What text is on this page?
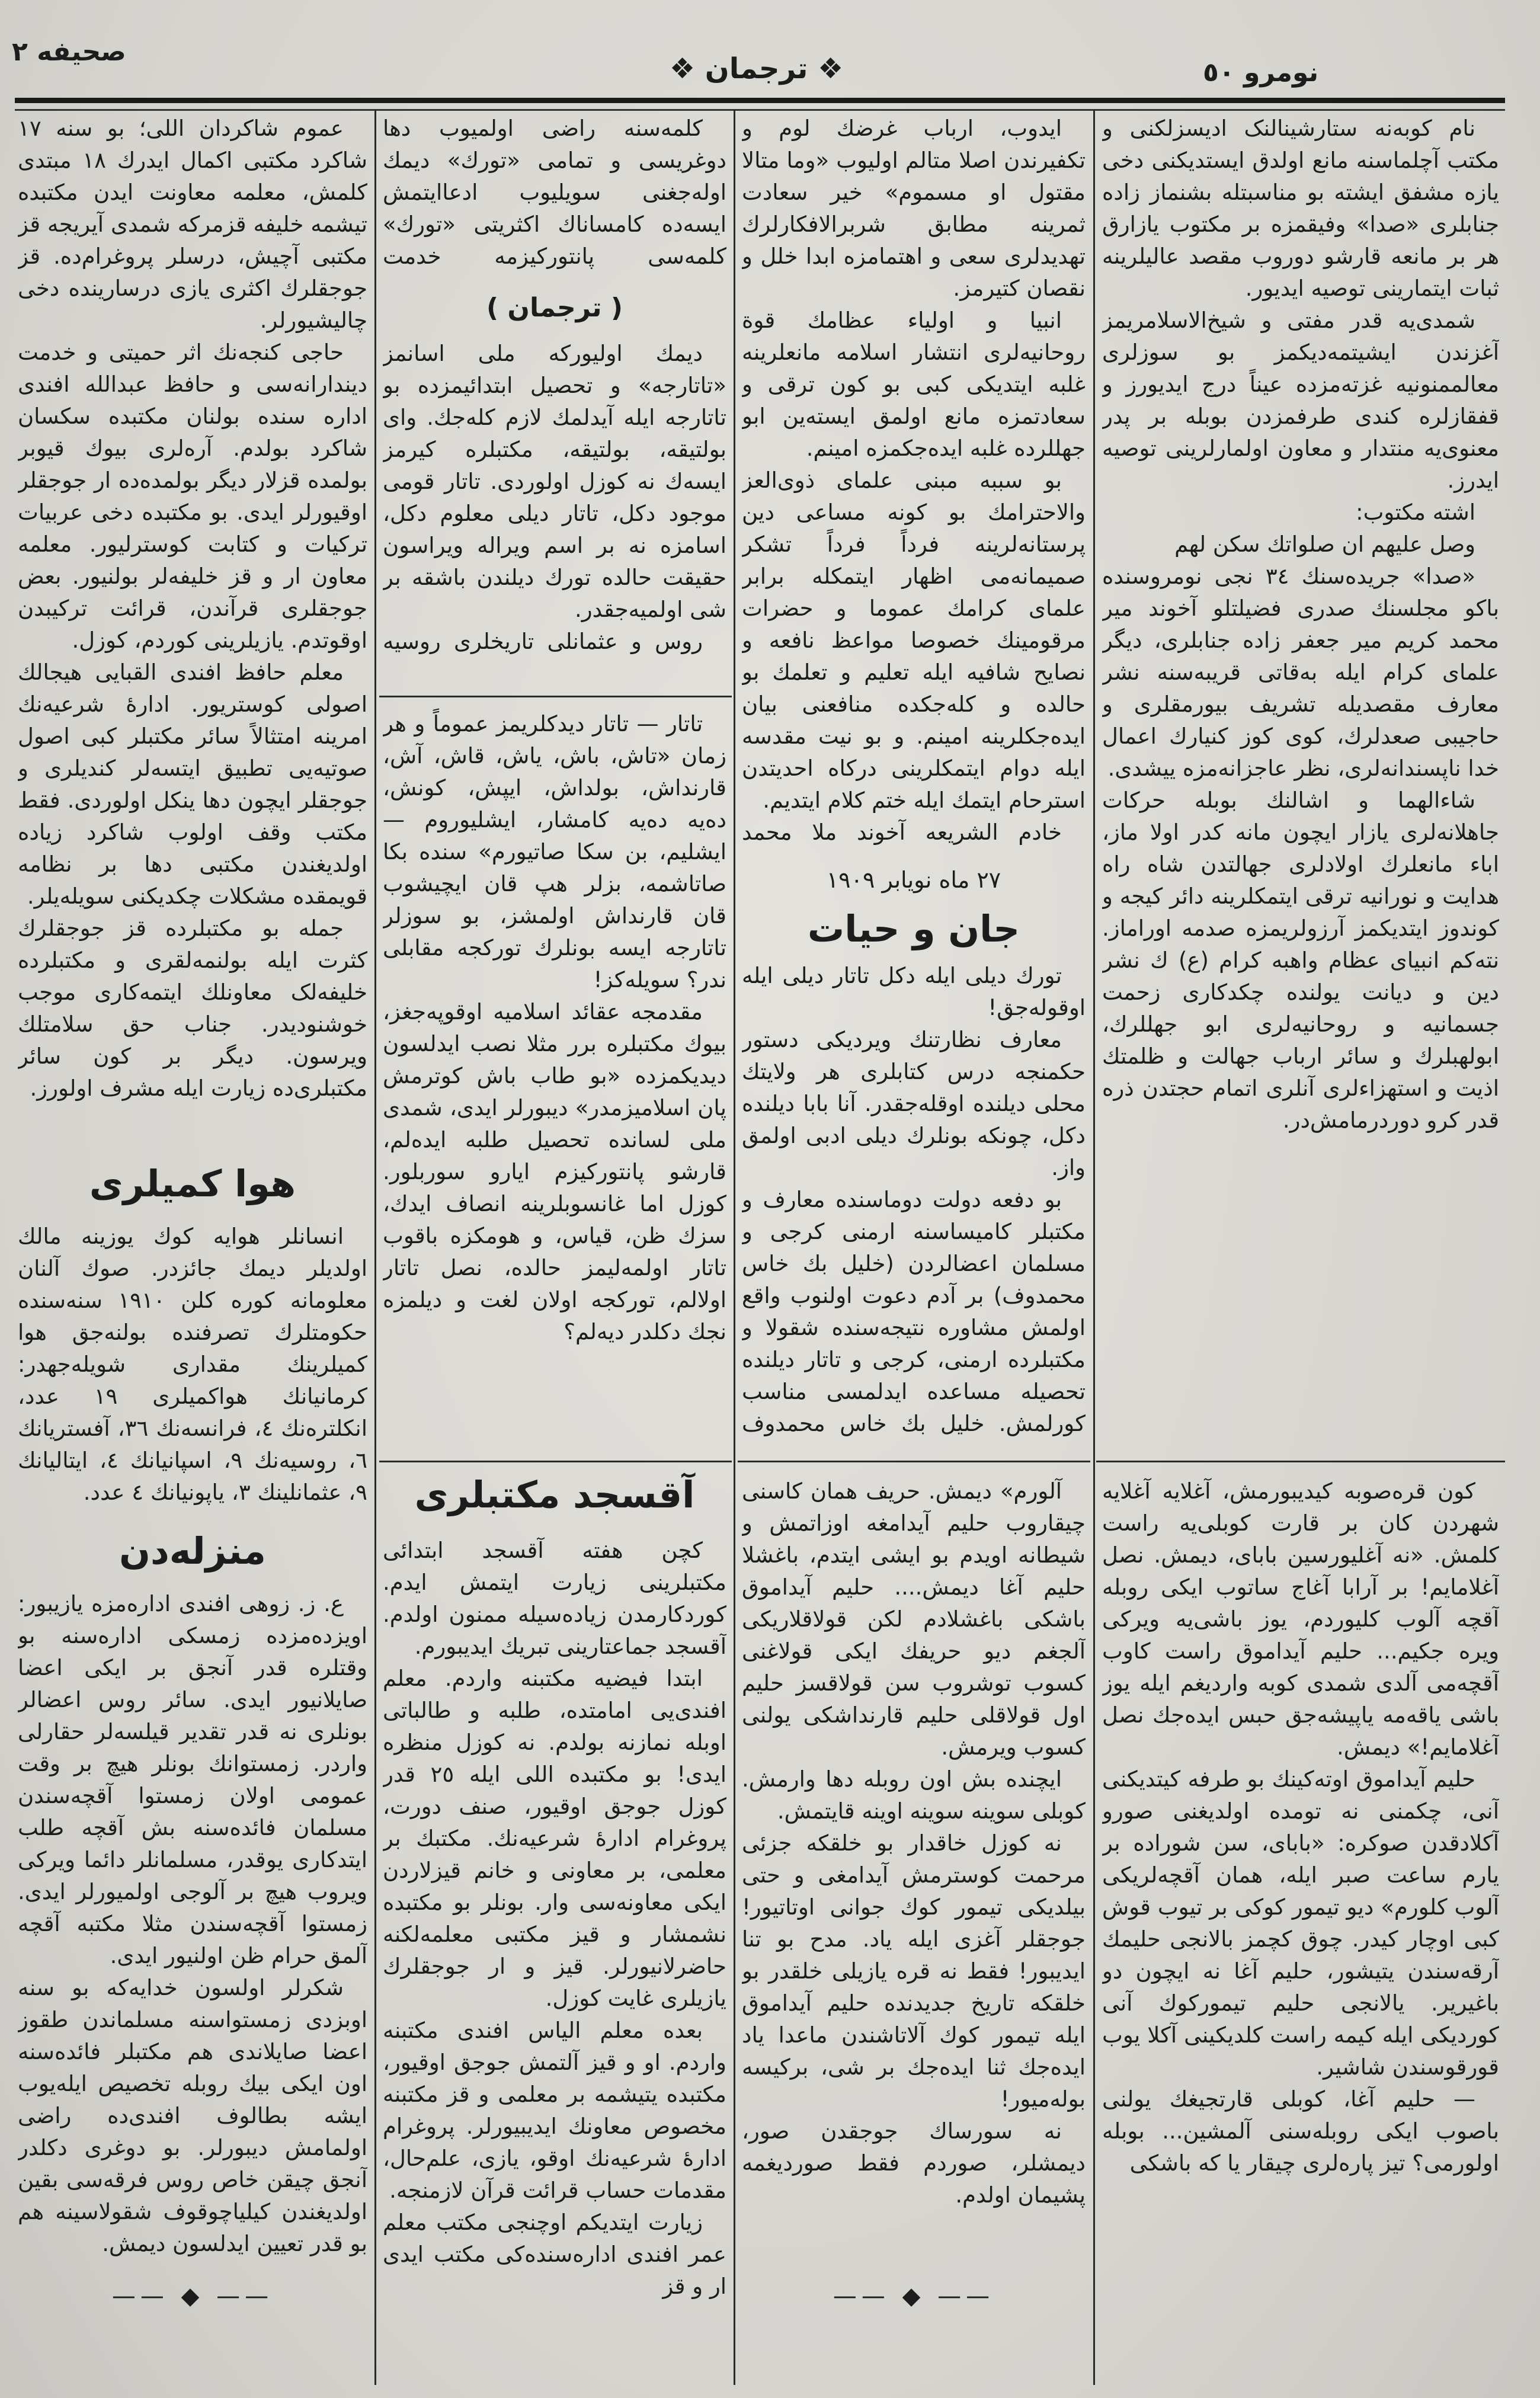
نومرو ٥٠
❖ ترجمان ❖
صحیفه ٢

نام کوبەنه ستارشینالنک ادیسزلکنی و مکتب آچلماسنه مانع اولدق ایستدیکنی دخی یازه مشفق ایشته بو مناسبتله بشنماز زاده جنابلری «صدا» وفیقمزه بر مکتوب یازارق هر بر مانعه قارشو دوروب مقصد عالیلرینه ثبات ایتمارینی توصیه ایدیور.

شمدی‌یه قدر مفتی و شیخ‌الاسلامریمز آغزندن ایشیتمه‌دیکمز بو سوزلری معالممنونیه غزته‌مزده عیناً درج ایدیورز و قفقازلره کندی طرفمزدن بوبله بر پدر معنوی‌یه منتدار و معاون اولمارلرینی توصیه ایدرز.

اشته مکتوب:

وصل علیهم ان صلواتك سكن لهم

«صدا» جریده‌سنك ٣٤ نجی نومروسنده باکو مجلسنك صدری فضیلتلو آخوند میر محمد کریم میر جعفر زاده جنابلری، دیگر علمای کرام ایله بەقاتی قریبه‌سنه نشر معارف مقصدیله تشریف بیورمقلری و حاجیبی صعدلرك، کوی کوز کنیارك اعمال خدا ناپسندانه‌لری، نظر عاجزانه‌مزه ییشدی.

شاءالهما و اشالنك بوبله حرکات جاهلانه‌لری یازار ایچون مانه کدر اولا ماز، اباء مانعلرك اولادلری جهالتدن شاه راه هدایت و نورانیه ترقی ایتمکلرینه دائر کیجه و کوندوز ایتدیکمز آرزولریمزه صدمه اوراماز. نته‌کم انبیای عظام واهبه کرام (ع) ك نشر دین و دیانت یولنده چکدکاری زحمت جسمانیه و روحانیه‌لری ابو جهللرك، ابولهبلرك و سائر ارباب جهالت و ظلمتك اذیت و استهزاء‌لری آنلری اتمام حجتدن ذره قدر کرو دوردرمامش‌در.

کون قرەصوبه کیدیبورمش، آغلایه آغلایه شهردن کان بر قارت کوبلی‌یه راست کلمش. «نه آغلیورسین بابای، دیمش. نصل آغلامایم! بر آرابا آغاج ساتوب ایکی روبله آقچه آلوب کلیوردم، یوز باشی‌یه ویرکی ویره جکیم... حلیم آیداموق راست کاوب آقچه‌می آلدی شمدی کوبه واردیغم ایله یوز باشی یاقه‌مه یاپیشه‌جق حبس ایده‌جك نصل آغلامایم!» دیمش.

حلیم آیداموق اوته‌کینك بو طرفه کیتدیکنی آنی، چکمنی نه تومده اولدیغنی صورو آکلادقدن صوکره: «بابای، سن شوراده بر یارم ساعت صبر ایله، همان آقچه‌لریکی آلوب کلورم» دیو تیمور کوکی بر تیوب قوش کبی اوچار کیدر. چوق کچمز بالانجی حلیمك آرقه‌سندن یتیشور، حلیم آغا نه ایچون دو باغیریر. یالانجی حلیم تیمورکوك آنی کوردیکی ایله کیمه راست کلدیکینی آکلا یوب قورقوسندن شاشیر.

— حلیم آغا، کوبلی قارتجیغك یولنی باصوب ایکی روبله‌سنی آلمشین... بوبله اولورمی؟ تیز پاره‌لری چیقار یا که باشکی

ایدوب، ارباب غرضك لوم و تکفیرندن اصلا متالم اولیوب «وما متالا مقتول او مسموم» خیر سعادت ثمرینه مطابق شربرالافکارلرك تهدیدلری سعی و اهتمامزه ابدا خلل و نقصان کتیرمز.

انبیا و اولیاء عظامك قوة روحانیه‌لری انتشار اسلامه مانعلرینه غلبه ایتدیکی کبی بو کون ترقی و سعادتمزه مانع اولمق ایسته‌ین ابو جهللرده غلبه ایده‌جکمزه امینم.

بو سببه مبنی علمای ذوی‌العز والاحترامك بو کونه مساعی دین پرستانه‌لرینه فرداً فرداً تشکر صمیمانه‌می اظهار ایتمکله برابر علمای کرامك عموما و حضرات مرقومینك خصوصا مواعظ نافعه و نصایح شافیه ایله تعلیم و تعلمك بو حالده و کله‌جکده منافعنی بیان ایده‌جکلرینه امینم. و بو نیت مقدسه ایله دوام ایتمکلرینی درکاه احدیتدن استرحام ایتمك ایله ختم کلام ایتدیم.

خادم الشریعه آخوند ملا محمد

٢٧ ماه نویابر ١٩٠٩
جان و حیات

تورك دیلی ایله دکل تاتار دیلی ایله اوقوله‌جق!

معارف نظارتنك ویردیکی دستور حکمنجه درس کتابلری هر ولایتك محلی دیلنده اوقله‌جقدر. آنا بابا دیلنده دکل، چونکه بونلرك دیلی ادبی اولمق واز.

بو دفعه دولت دوماسنده معارف و مکتبلر کامیساسنه ارمنی کرجی و مسلمان اعضالردن (خلیل بك خاس محمدوف) بر آدم دعوت اولنوب واقع اولمش مشاوره نتیجه‌سنده شقولا و مکتبلرده ارمنی، کرجی و تاتار دیلنده تحصیله مساعده ایدلمسی مناسب کورلمش. خلیل بك خاس محمدوف

آلورم» دیمش. حریف همان کاسنی چیقاروب حلیم آیدامغه اوزاتمش و شیطانه اویدم بو ایشی ایتدم، باغشلا حلیم آغا دیمش.... حلیم آیداموق باشکی باغشلادم لکن قولاقلاریکی آلجغم دیو حریفك ایکی قولاغنی کسوب توشروب سن قولاقسز حلیم اول قولاقلی حلیم قارنداشکی یولنی کسوب ویرمش.

ایچنده بش اون روبله دها وارمش. کوبلی سوینه سوینه اوینه قایتمش.

نه کوزل خاقدار بو خلقکه جزئی مرحمت کوسترمش آیدامغی و حتی بیلدیکی تیمور کوك جوانی اوتاتیور! جوجقلر آغزی ایله یاد. مدح بو تنا ایدیبور! فقط نه قره یازیلی خلقدر بو خلقکه تاریخ جدیدنده حلیم آیداموق ایله تیمور كوك آلاتاشندن ماعدا یاد ایده‌جك ثنا ایده‌جك بر شی، برکیسه بوله‌میور!

نه سورساك جوجقدن صور، دیمشلر، صوردم فقط صوردیغمه پشیمان اولدم.

—— ◆ ——

کلمەسنە راضی اولمیوب دها دوغریسی و تمامی «تورك» دیمك اولەجغنی سویلیوب ادعاایتمش ایسەده کامساناك اکثریتی «تورك» کلمەسی پانتورکیزمە خدمت

( ترجمان )

دیمك اولیورکه ملی اسانمز «تاتارجه» و تحصیل ابتدائیمزده بو تاتارجه ایله آیدلمك لازم کله‌جك. وای بولتیقه، بولتیقه، مکتبلره کیرمز ایسه‌ك نه کوزل اولوردی. تاتار قومی موجود دکل، تاتار دیلی معلوم دکل، اسامزه نه بر اسم ویراله ویراسون حقیقت حالده تورك دیلندن باشقه بر شی اولمیه‌جقدر.

روس و عثمانلی تاریخلری روسیه

تاتار — تاتار دیدکلریمز عموماً و هر زمان «تاش، باش، یاش، قاش، آش، قارنداش، بولداش، ایپش، کونش، ده‌یه ده‌یه کامشار، ایشلیوروم — ایشلیم، بن سكا صاتیورم» سنده بکا صاتاشمه، بزلر هپ قان ایچیشوب قان قارنداش اولمشز، بو سوزلر تاتارجه ایسه بونلرك تورکجه مقابلی ندر؟ سویلەکز!

مقدمجه عقائد اسلامیه اوقوپه‌جغز، بیوك مکتبلره برر مثلا نصب ایدلسون دیدیکمزده «بو طاب باش کوترمش پان اسلامیزمدر» دیبورلر ایدی، شمدی ملی لسانده تحصیل طلبه ایده‌لم، قارشو پانتورکیزم ایارو سوربلور. کوزل اما غانسوبلرینه انصاف ایدك، سزك ظن، قیاس، و هومکزه باقوب تاتار اولمه‌لیمز حالده، نصل تاتار اولالم، تورکجه اولان لغت و دیلمزه نجك دکلدر دیەلم؟

آقسجد مکتبلری

کچن هفته آقسجد ابتدائی مکتبلرینی زیارت ایتمش ایدم. کوردکارمدن زیاده‌سیله ممنون اولدم. آقسجد جماعتارینی تبریك ایدیبورم.

ابتدا فیضیه مکتبنه واردم. معلم افندی‌یی امامتده، طلبه و طالباتی اوبله نمازنه بولدم. نه کوزل منظره ایدی! بو مکتبده اللی ایله ٢٥ قدر کوزل جوجق اوقیور، صنف دورت، پروغرام ادارۀ شرعیه‌نك. مکتبك بر معلمی، بر معاونی و خانم قیزلاردن ایکی معاونه‌سی وار. بونلر بو مکتبده نشمشار و قیز مکتبی معلمه‌لکنه حاضرلانیورلر. قیز و ار جوجقلرك یازیلری غایت کوزل.

بعده معلم الیاس افندی مکتبنه واردم. او و قیز آلتمش جوجق اوقیور، مکتبده یتیشمه بر معلمی و قز مکتبنه مخصوص معاونك ایدیبیورلر. پروغرام ادارۀ شرعیه‌نك اوقو، یازی، علم‌حال، مقدمات حساب قرائت قرآن لازمنجه.

زیارت ایتدیکم اوچنجی مکتب معلم عمر افندی اداره‌سنده‌کی مکتب ایدی ار و قز

عموم شاکردان اللی؛ بو سنه ١٧ شاکرد مکتبی اکمال ایدرك ١٨ مبتدی کلمش، معلمه معاونت ایدن مکتبده تیشمه خلیفه قزمرکه شمدی آیریجه قز مکتبی آچیش، درسلر پروغرام‌ده. قز جوجقلرك اکثری یازی درسارینده دخی چالیشیورلر.

حاجی کنجه‌نك اثر حمیتی و خدمت دیندارانه‌سی و حافظ عبدالله افندی اداره سنده بولنان مکتبده سکسان شاکرد بولدم. آرەلری بیوك قیوبر بولمده قزلار دیگر بولمده‌ده ار جوجقلر اوقیورلر ایدی. بو مکتبده دخی عربیات ترکیات و کتابت کوسترلیور. معلمه معاون ار و قز خلیفه‌لر بولنیور. بعض جوجقلری قرآندن، قرائت ترکیبدن اوقوتدم. یازیلرینی کوردم، کوزل.

معلم حافظ افندی القبایی هیجالك اصولی کوستریور. ادارۀ شرعیه‌نك امرینه امتثالاً سائر مکتبلر کبی اصول صوتیه‌یی تطبیق ایتسه‌لر کندیلری و جوجقلر ایچون دها ینکل اولوردی. فقط مکتب وقف اولوب شاکرد زیاده اولدیغندن مکتبی دها بر نظامه قویمقده مشکلات چکدیکنی سویله‌یلر.

جمله بو مکتبلرده قز جوجقلرك کثرت ایله بولنمه‌لقری و مکتبلرده خلیفه‌لک معاونلك ایتمه‌کاری موجب خوشنودیدر. جناب حق سلامتلك ویرسون. دیگر بر کون سائر مکتبلری‌ده زیارت ایله مشرف اولورز.

هوا کمیلری

انسانلر هوایه کوك یوزینه مالك اولدیلر دیمك جائزدر. صوك آلنان معلومانه کوره کلن ١٩١٠ سنه‌سنده حکومتلرك تصرفنده بولنه‌جق هوا کمیلرینك مقداری شویله‌جهدر: کرمانیانك هواکمیلری ١٩ عدد، انکلترەنك ٤، فرانسه‌نك ٣٦، آفستریانك ٦، روسیه‌نك ٩، اسپانیانك ٤، ایتالیانك ٩، عثمانلینك ٣، یاپونیانك ٤ عدد.

منزله‌دن

ع. ز. زوهی افندی اداره‌مزه یازیبور: اویزده‌مزده زمسکی اداره‌سنه بو وقتلره قدر آنجق بر ایکی اعضا صایلانیور ایدی. سائر روس اعضالر بونلری نه قدر تقدیر قیلسه‌لر حقارلی واردر. زمستوانك بونلر هیچ بر وقت عمومی اولان زمستوا آقچه‌سندن مسلمان فائده‌سنه بش آقچه طلب ایتدکاری یوقدر، مسلمانلر دائما ویرکی ویروب هیچ بر آلوجی اولمیورلر ایدی. زمستوا آقچه‌سندن مثلا مکتبه آقچه آلمق حرام ظن اولنیور ایدی.

شکرلر اولسون خدایه‌که بو سنه اوبزدی زمستوا‌سنه مسلماندن طقوز اعضا صایلاندی هم مکتبلر فائده‌سنه اون ایکی بیك روبله تخصیص ایلەیوب ایشه بطالوف افندی‌ده راضی اولمامش دیبورلر. بو دوغری دکلدر آنجق چیقن خاص روس فرقه‌سی بقین اولدیغندن کیلیاچوقوف شقولاسینه هم بو قدر تعیین ایدلسون دیمش.

—— ◆ ——
